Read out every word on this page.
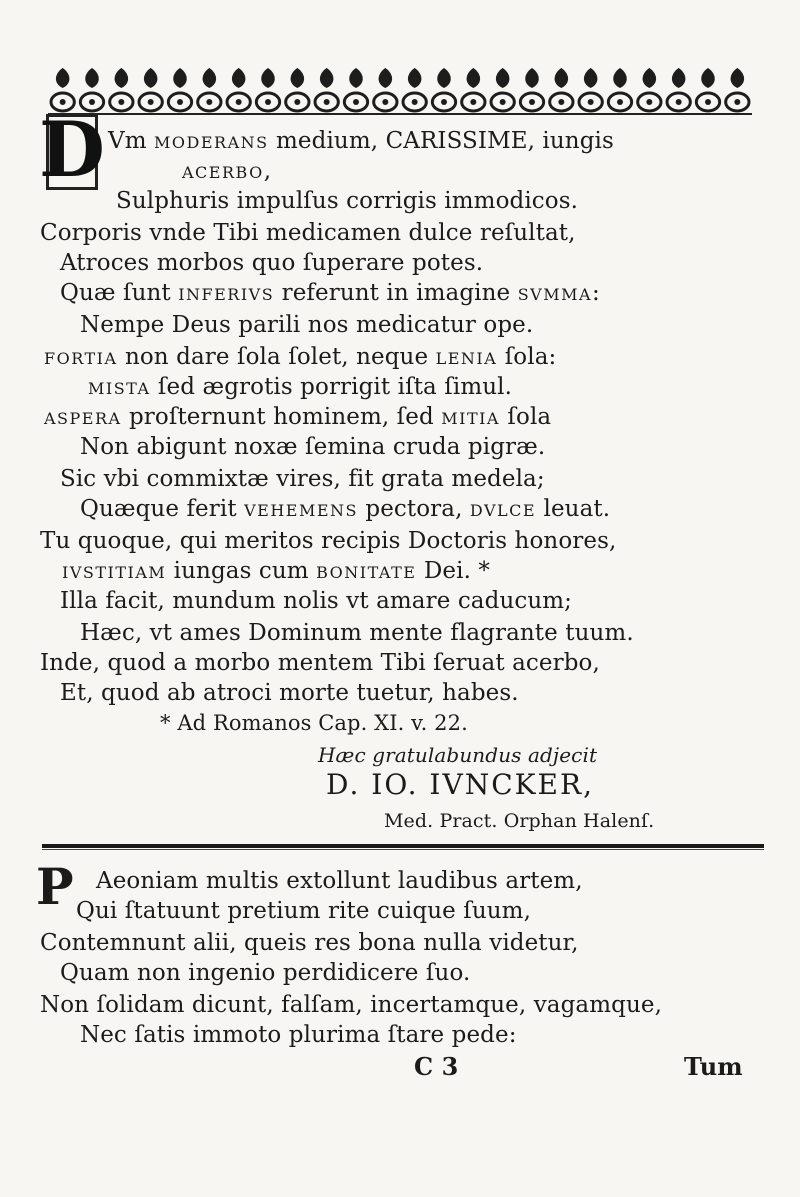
D Vm moderans medium, CARISSIME, iungis
acerbo,
Sulphuris impulſus corrigis immodicos.
Corporis vnde Tibi medicamen dulce reſultat,
Atroces morbos quo ſuperare potes.
Quæ ſunt inferivs referunt in imagine svmma:
Nempe Deus parili nos medicatur ope.
fortia non dare ſola ſolet, neque lenia ſola:
mista ſed ægrotis porrigit iſta ſimul.
aspera proſternunt hominem, ſed mitia ſola
Non abigunt noxæ ſemina cruda pigræ.
Sic vbi commixtæ vires, fit grata medela;
Quæque ferit vehemens pectora, dvlce leuat.
Tu quoque, qui meritos recipis Doctoris honores,
ivstitiam iungas cum bonitate Dei. *
Illa facit, mundum nolis vt amare caducum;
Hæc, vt ames Dominum mente flagrante tuum.
Inde, quod a morbo mentem Tibi ſeruat acerbo,
Et, quod ab atroci morte tuetur, habes.
* Ad Romanos Cap. XI. v. 22.
Hæc gratulabundus adjecit
D. IO. IVNCKER,
Med. Pract. Orphan Halenſ.
P Aeoniam multis extollunt laudibus artem,
Qui ſtatuunt pretium rite cuique ſuum,
Contemnunt alii, queis res bona nulla videtur,
Quam non ingenio perdidicere ſuo.
Non ſolidam dicunt, falſam, incertamque, vagamque,
Nec ſatis immoto plurima ſtare pede:
C 3	Tum
